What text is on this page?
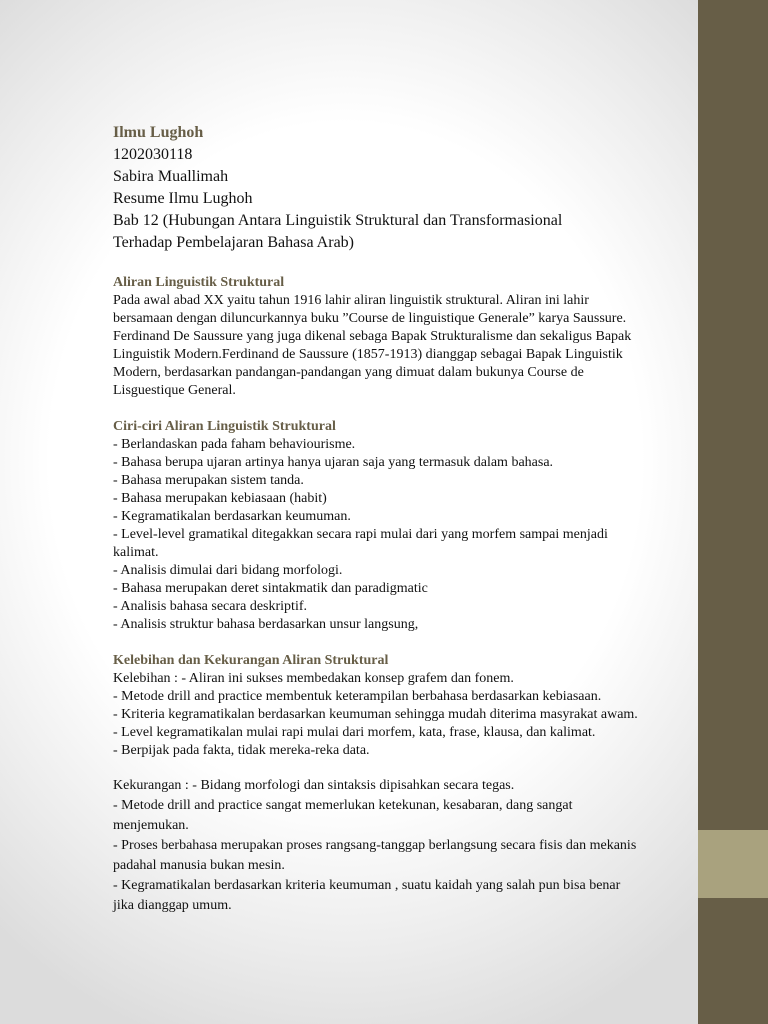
Ilmu Lughoh

1202030118

Sabira Muallimah

Resume Ilmu Lughoh

Bab 12 (Hubungan Antara Linguistik Struktural dan Transformasional

Terhadap Pembelajaran Bahasa Arab)

Aliran Linguistik Struktural

Pada awal abad XX yaitu tahun 1916 lahir aliran linguistik struktural. Aliran ini lahir
bersamaan dengan diluncurkannya buku ”Course de linguistique Generale” karya Saussure.
Ferdinand De Saussure yang juga dikenal sebaga Bapak Strukturalisme dan sekaligus Bapak
Linguistik Modern.Ferdinand de Saussure (1857-1913) dianggap sebagai Bapak Linguistik
Modern, berdasarkan pandangan-pandangan yang dimuat dalam bukunya Course de
Lisguestique General.

Ciri-ciri Aliran Linguistik Struktural

- Berlandaskan pada faham behaviourisme.
- Bahasa berupa ujaran artinya hanya ujaran saja yang termasuk dalam bahasa.
- Bahasa merupakan sistem tanda.
- Bahasa merupakan kebiasaan (habit)
- Kegramatikalan berdasarkan keumuman.
- Level-level gramatikal ditegakkan secara rapi mulai dari yang morfem sampai menjadi
kalimat.
- Analisis dimulai dari bidang morfologi.
- Bahasa merupakan deret sintakmatik dan paradigmatic
- Analisis bahasa secara deskriptif.
- Analisis struktur bahasa berdasarkan unsur langsung,

Kelebihan dan Kekurangan Aliran Struktural

Kelebihan : - Aliran ini sukses membedakan konsep grafem dan fonem.
- Metode drill and practice membentuk keterampilan berbahasa berdasarkan kebiasaan.
- Kriteria kegramatikalan berdasarkan keumuman sehingga mudah diterima masyrakat awam.
- Level kegramatikalan mulai rapi mulai dari morfem, kata, frase, klausa, dan kalimat.
- Berpijak pada fakta, tidak mereka-reka data.
Kekurangan : - Bidang morfologi dan sintaksis dipisahkan secara tegas.
- Metode drill and practice sangat memerlukan ketekunan, kesabaran, dang sangat
menjemukan.
- Proses berbahasa merupakan proses rangsang-tanggap berlangsung secara fisis dan mekanis
padahal manusia bukan mesin.
- Kegramatikalan berdasarkan kriteria keumuman , suatu kaidah yang salah pun bisa benar
jika dianggap umum.
